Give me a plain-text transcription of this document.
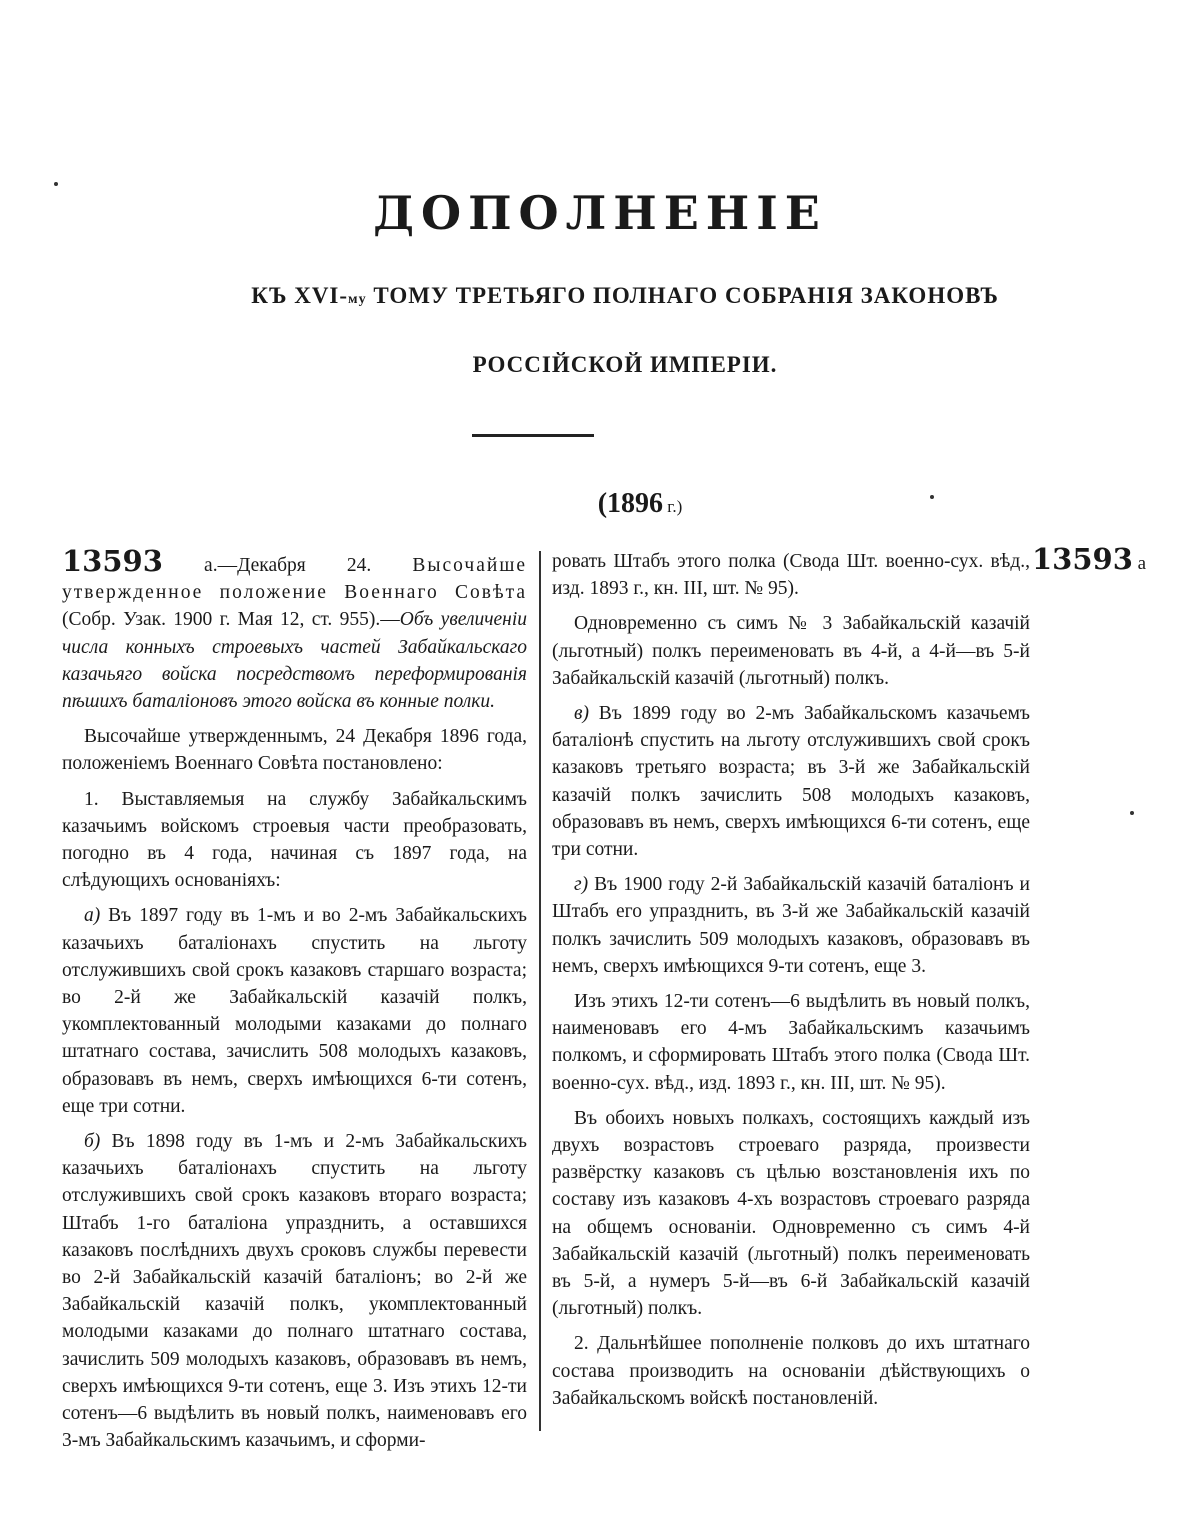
ДОПОЛНЕНІЕ
КЪ XVI-му ТОМУ ТРЕТЬЯГО ПОЛНАГО СОБРАНІЯ ЗАКОНОВЪ
РОССІЙСКОЙ ИМПЕРІИ.
(1896 г.)

13593 а.—Декабря 24. Высочайше утвержденное положение Военнаго Совѣта (Собр. Узак. 1900 г. Мая 12, ст. 955).—Объ увеличеніи числа конныхъ строевыхъ частей Забайкальскаго казачьяго войска посредствомъ переформированія пѣшихъ баталіоновъ этого войска въ конные полки.

Высочайше утвержденнымъ, 24 Декабря 1896 года, положеніемъ Военнаго Совѣта постановлено:

1. Выставляемыя на службу Забайкальскимъ казачьимъ войскомъ строевыя части преобразовать, погодно въ 4 года, начиная съ 1897 года, на слѣдующихъ основаніяхъ:

а) Въ 1897 году въ 1-мъ и во 2-мъ Забайкальскихъ казачьихъ баталіонахъ спустить на льготу отслужившихъ свой срокъ казаковъ старшаго возраста; во 2-й же Забайкальскій казачій полкъ, укомплектованный молодыми казаками до полнаго штатнаго состава, зачислить 508 молодыхъ казаковъ, образовавъ въ немъ, сверхъ имѣющихся 6-ти сотенъ, еще три сотни.

б) Въ 1898 году въ 1-мъ и 2-мъ Забайкальскихъ казачьихъ баталіонахъ спустить на льготу отслужившихъ свой срокъ казаковъ втораго возраста; Штабъ 1-го баталіона упразднить, а оставшихся казаковъ послѣднихъ двухъ сроковъ службы перевести во 2-й Забайкальскій казачій баталіонъ; во 2-й же Забайкальскій казачій полкъ, укомплектованный молодыми казаками до полнаго штатнаго состава, зачислить 509 молодыхъ казаковъ, образовавъ въ немъ, сверхъ имѣющихся 9-ти сотенъ, еще 3. Изъ этихъ 12-ти сотенъ—6 выдѣлить въ новый полкъ, наименовавъ его 3-мъ Забайкальскимъ казачьимъ, и сформи-

ровать Штабъ этого полка (Свода Шт. военно-сух. вѣд., изд. 1893 г., кн. III, шт. № 95).

Одновременно съ симъ № 3 Забайкальскій казачій (льготный) полкъ переименовать въ 4-й, а 4-й—въ 5-й Забайкальскій казачій (льготный) полкъ.

в) Въ 1899 году во 2-мъ Забайкальскомъ казачьемъ баталіонѣ спустить на льготу отслужившихъ свой срокъ казаковъ третьяго возраста; въ 3-й же Забайкальскій казачій полкъ зачислить 508 молодыхъ казаковъ, образовавъ въ немъ, сверхъ имѣющихся 6-ти сотенъ, еще три сотни.

г) Въ 1900 году 2-й Забайкальскій казачій баталіонъ и Штабъ его упразднить, въ 3-й же Забайкальскій казачій полкъ зачислить 509 молодыхъ казаковъ, образовавъ въ немъ, сверхъ имѣющихся 9-ти сотенъ, еще 3.

Изъ этихъ 12-ти сотенъ—6 выдѣлить въ новый полкъ, наименовавъ его 4-мъ Забайкальскимъ казачьимъ полкомъ, и сформировать Штабъ этого полка (Свода Шт. военно-сух. вѣд., изд. 1893 г., кн. III, шт. № 95).

Въ обоихъ новыхъ полкахъ, состоящихъ каждый изъ двухъ возрастовъ строеваго разряда, произвести развёрстку казаковъ съ цѣлью возстановленія ихъ по составу изъ казаковъ 4-хъ возрастовъ строеваго разряда на общемъ основаніи. Одновременно съ симъ 4-й Забайкальскій казачій (льготный) полкъ переименовать въ 5-й, а нумеръ 5-й—въ 6-й Забайкальскій казачій (льготный) полкъ.

2. Дальнѣйшее пополненіе полковъ до ихъ штатнаго состава производить на основаніи дѣйствующихъ о Забайкальскомъ войскѣ постановленій.

13593 а
